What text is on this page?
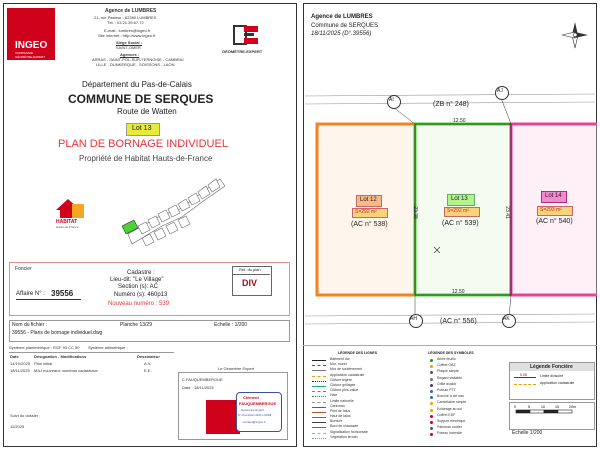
INGEO
COMPAGNIE
GÉOMÈTRE-EXPERT
Agence de LUMBRES
21, rue Pasteur - 62380 LUMBRES
Tél. : 03.21.39.67.72
E-mail : lumbres@ingeo.fr
Site internet : http://www.ingeo.fr
Siège Social :
SAINT-OMER
Agences :
ARRAS - SAINT-POL-SUR-TERNOISE - CAMBRAI
LILLE - DUNKERQUE - SOISSONS - LAON
GÉOMÈTRE-EXPERT
Département du Pas-de-Calais
COMMUNE DE SERQUES
Route de Watten
Lot 13
PLAN DE BORNAGE INDIVIDUEL
Propriété de Habitat Hauts-de-France
HABITAT
Hauts-de-France
Foncier
Affaire N° : 39556
Cadastre :
Lieu-dit: "Le Village"
Section (s): AC
Numéro (s): 460p13
Nouveau numéro : 539
Réf. du plan
DIV
Nom du fichier :
39556 - Plans de bornage individuel.dwg
Planche 13/29	Echelle : 1/200
Système planimétrique : RGF 93 CC 50 Système altimétrique :
Date	Désignation - Modifications	Dessinateur
14/10/2025 Plan initial	A.V.
18/11/2025 MAJ nouveaux numéros cadastraux	E.E.
Suivi du dossier :
11/2025
Le Géomètre Expert
C.FAUQUEMBERGUE
Date : 18/11/2025
Clément
FAUQUEMBERGUE
Géomètre-Expert
N° d'inscription 2020 C-03369
contact@ingeo.fr
Agence de LUMBRES
Commune de SERQUES
18/11/2025 (D°.39556)
AI
AJ
AH	AK
(ZB n° 248)
12.50
12.50
23.38	23.41
Lot 12
S=292 m²
(AC n° 538)
Lot 13
S=292 m²
(AC n° 539)
Lot 14
S=293 m²
(AC n° 540)
(AC n° 556)
LÉGENDE DES LIGNES
Bâtiment dur
Mur, muret
Mur de soutènement
Application cadastrale
Clôture légère
Clôture grillagée
Clôture plus-value
Haie
Limite naturelle
Caniveau
Pied de talus
Haut de talus
Bordure
Bord de chaussée
Signalisation horizontale
Végétation terrain
LÉGENDE DES SYMBOLES
Arbre feuillu
Coffret GAZ
Plaque simple
Regard visitable
Grille avaloir
Poteau PTT
Bouche à clé eau
Candélabre simple
Eclairage au sol
Coffret EDF
Support électrique
Panneau routier
Poteau incendie
Légende Foncière
5.58	Limite divisoire
Application cadastrale
0	5	10	15	20m
Echelle 1/200
